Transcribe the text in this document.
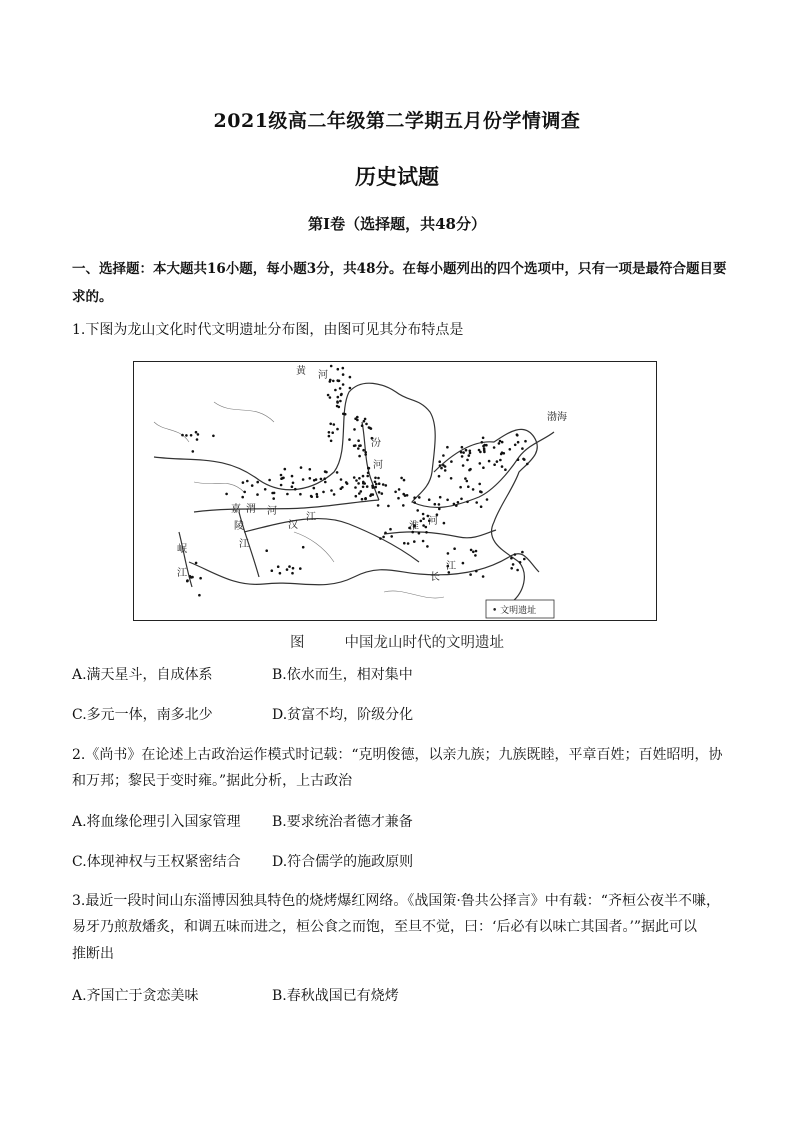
2021级高二年级第二学期五月份学情调查
历史试题
第Ⅰ卷（选择题，共48分）
一、选择题：本大题共16小题，每小题3分，共48分。在每小题列出的四个选项中，只有一项是最符合题目要求的。
1.下图为龙山文化时代文明遗址分布图，由图可见其分布特点是
黄 河
渤海
汾
河
渭 河
嘉
陵
江
汉
江
淮 河
岷
江	长
江
• 文明遗址
图	中国龙山时代的文明遗址
A.满天星斗，自成体系	B.依水而生，相对集中
C.多元一体，南多北少	D.贫富不均，阶级分化
2.《尚书》在论述上古政治运作模式时记载：“克明俊德，以亲九族；九族既睦，平章百姓；百姓昭明，协
和万邦；黎民于变时雍。”据此分析，上古政治
A.将血缘伦理引入国家管理	B.要求统治者德才兼备
C.体现神权与王权紧密结合	D.符合儒学的施政原则
3.最近一段时间山东淄博因独具特色的烧烤爆红网络。《战国策·鲁共公择言》中有载：“齐桓公夜半不嗛，
易牙乃煎敖燔炙，和调五味而进之，桓公食之而饱，至旦不觉，曰：‘后必有以味亡其国者。’”据此可以
推断出
A.齐国亡于贪恋美味	B.春秋战国已有烧烤
